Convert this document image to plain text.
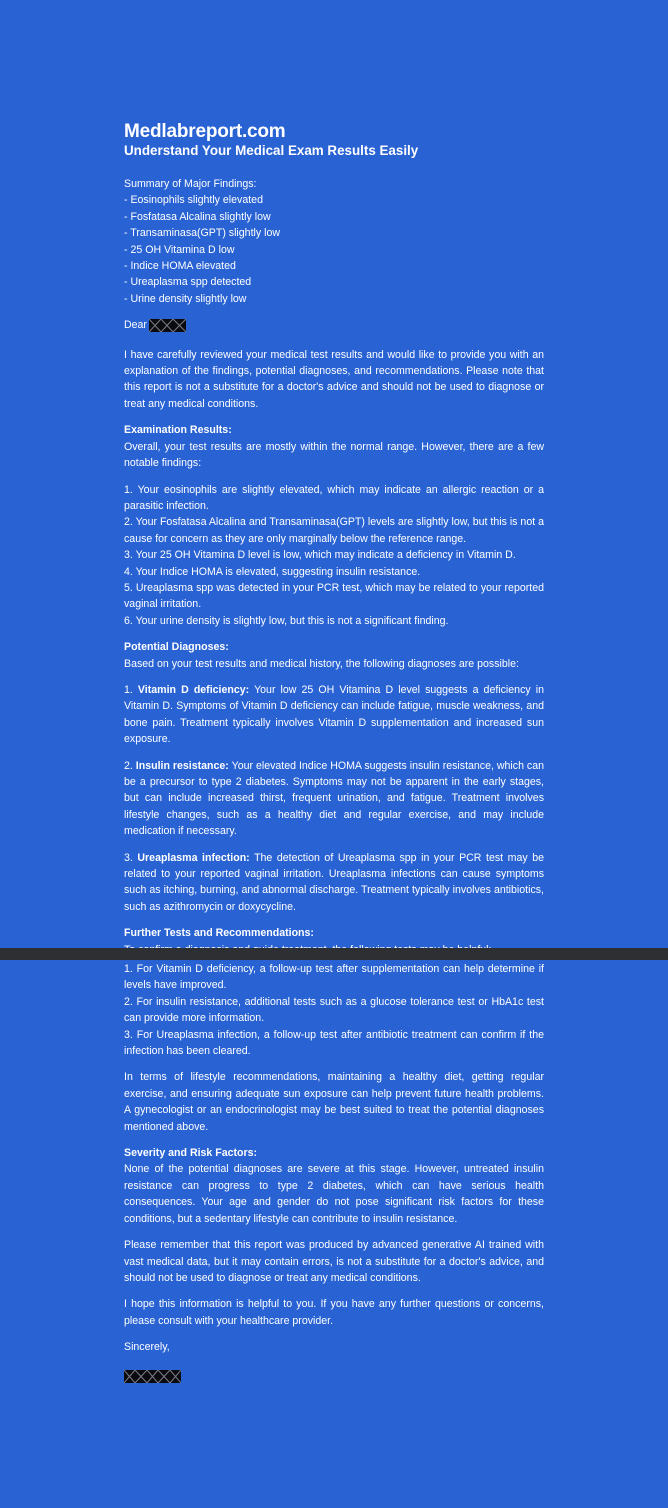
Medlabreport.com
Understand Your Medical Exam Results Easily
Summary of Major Findings:
- Eosinophils slightly elevated
- Fosfatasa Alcalina slightly low
- Transaminasa(GPT) slightly low
- 25 OH Vitamina D low
- Indice HOMA elevated
- Ureaplasma spp detected
- Urine density slightly low
Dear

I have carefully reviewed your medical test results and would like to provide you with an explanation of the findings, potential diagnoses, and recommendations. Please note that this report is not a substitute for a doctor's advice and should not be used to diagnose or treat any medical conditions.

Examination Results:

Overall, your test results are mostly within the normal range. However, there are a few notable findings:

1. Your eosinophils are slightly elevated, which may indicate an allergic reaction or a parasitic infection.

2. Your Fosfatasa Alcalina and Transaminasa(GPT) levels are slightly low, but this is not a cause for concern as they are only marginally below the reference range.

3. Your 25 OH Vitamina D level is low, which may indicate a deficiency in Vitamin D.

4. Your Indice HOMA is elevated, suggesting insulin resistance.

5. Ureaplasma spp was detected in your PCR test, which may be related to your reported vaginal irritation.

6. Your urine density is slightly low, but this is not a significant finding.

Potential Diagnoses:

Based on your test results and medical history, the following diagnoses are possible:

1. Vitamin D deficiency: Your low 25 OH Vitamina D level suggests a deficiency in Vitamin D. Symptoms of Vitamin D deficiency can include fatigue, muscle weakness, and bone pain. Treatment typically involves Vitamin D supplementation and increased sun exposure.

2. Insulin resistance: Your elevated Indice HOMA suggests insulin resistance, which can be a precursor to type 2 diabetes. Symptoms may not be apparent in the early stages, but can include increased thirst, frequent urination, and fatigue. Treatment involves lifestyle changes, such as a healthy diet and regular exercise, and may include medication if necessary.

3. Ureaplasma infection: The detection of Ureaplasma spp in your PCR test may be related to your reported vaginal irritation. Ureaplasma infections can cause symptoms such as itching, burning, and abnormal discharge. Treatment typically involves antibiotics, such as azithromycin or doxycycline.

Further Tests and Recommendations:

1. For Vitamin D deficiency, a follow-up test after supplementation can help determine if levels have improved.

2. For insulin resistance, additional tests such as a glucose tolerance test or HbA1c test can provide more information.

3. For Ureaplasma infection, a follow-up test after antibiotic treatment can confirm if the infection has been cleared.

In terms of lifestyle recommendations, maintaining a healthy diet, getting regular exercise, and ensuring adequate sun exposure can help prevent future health problems. A gynecologist or an endocrinologist may be best suited to treat the potential diagnoses mentioned above.

Severity and Risk Factors:

None of the potential diagnoses are severe at this stage. However, untreated insulin resistance can progress to type 2 diabetes, which can have serious health consequences. Your age and gender do not pose significant risk factors for these conditions, but a sedentary lifestyle can contribute to insulin resistance.

Please remember that this report was produced by advanced generative AI trained with vast medical data, but it may contain errors, is not a substitute for a doctor's advice, and should not be used to diagnose or treat any medical conditions.

I hope this information is helpful to you. If you have any further questions or concerns, please consult with your healthcare provider.

Sincerely,
